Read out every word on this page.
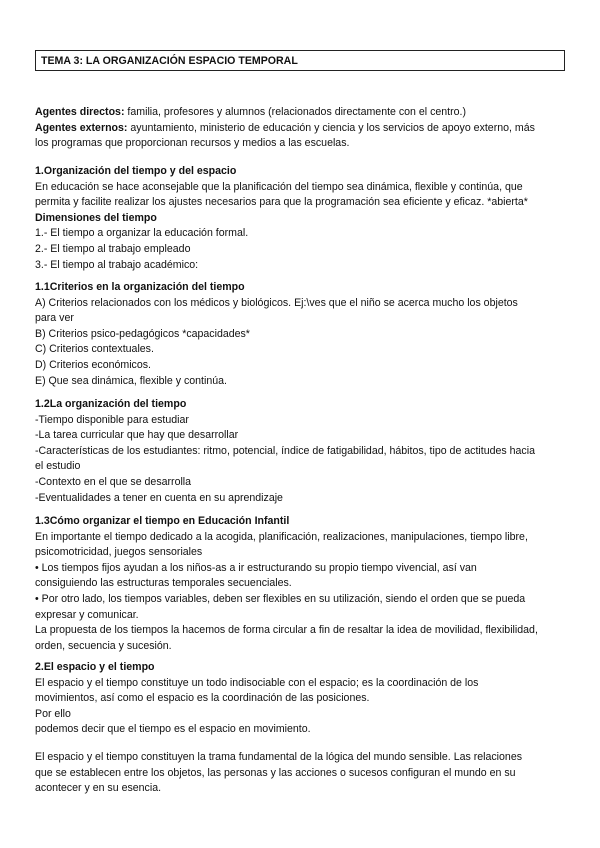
TEMA 3: LA ORGANIZACIÓN ESPACIO TEMPORAL
Agentes directos: familia, profesores y alumnos (relacionados directamente con el centro.)
Agentes externos: ayuntamiento, ministerio de educación y ciencia y los servicios de apoyo externo, más
los programas que proporcionan recursos y medios a las escuelas.
1.Organización del tiempo y del espacio
En educación se hace aconsejable que la planificación del tiempo sea dinámica, flexible y continúa, que
permita y facilite realizar los ajustes necesarios para que la programación sea eficiente y eficaz. *abierta*
Dimensiones del tiempo
1.- El tiempo a organizar la educación formal.
2.- El tiempo al trabajo empleado
3.- El tiempo al trabajo académico:
1.1Criterios en la organización del tiempo
A) Criterios relacionados con los médicos y biológicos. Ej:\ves que el niño se acerca mucho los objetos
para ver
B) Criterios psico-pedagógicos *capacidades*
C) Criterios contextuales.
D) Criterios económicos.
E) Que sea dinámica, flexible y continúa.
1.2La organización del tiempo
-Tiempo disponible para estudiar
-La tarea curricular que hay que desarrollar
-Características de los estudiantes: ritmo, potencial, índice de fatigabilidad, hábitos, tipo de actitudes hacia
el estudio
-Contexto en el que se desarrolla
-Eventualidades a tener en cuenta en su aprendizaje
1.3Cómo organizar el tiempo en Educación Infantil
En importante el tiempo dedicado a la acogida, planificación, realizaciones, manipulaciones, tiempo libre,
psicomotricidad, juegos sensoriales
• Los tiempos fijos ayudan a los niños-as a ir estructurando su propio tiempo vivencial, así van
consiguiendo las estructuras temporales secuenciales.
• Por otro lado, los tiempos variables, deben ser flexibles en su utilización, siendo el orden que se pueda
expresar y comunicar.
La propuesta de los tiempos la hacemos de forma circular a fin de resaltar la idea de movilidad, flexibilidad,
orden, secuencia y sucesión.
2.El espacio y el tiempo
El espacio y el tiempo constituye un todo indisociable con el espacio; es la coordinación de los
movimientos, así como el espacio es la coordinación de las posiciones.
Por ello
podemos decir que el tiempo es el espacio en movimiento.
El espacio y el tiempo constituyen la trama fundamental de la lógica del mundo sensible. Las relaciones
que se establecen entre los objetos, las personas y las acciones o sucesos configuran el mundo en su
acontecer y en su esencia.
